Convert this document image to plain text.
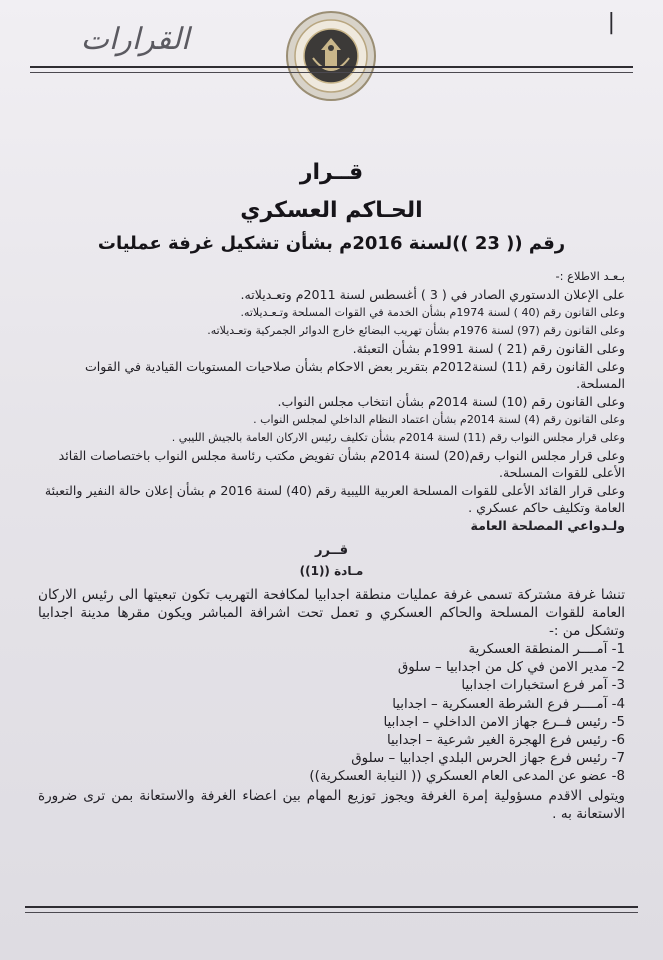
القرارات	|
قــرار
الحـاكم العسكري
رقم (( 23 ))لسنة 2016م بشأن تشكيل غرفة عمليات

بـعـد الاطلاع :-

على الإعلان الدستوري الصادر في ( 3 ) أغسطس لسنة 2011م وتعـديلاته.

وعلى القانون رقم (40 ) لسنة 1974م بشأن الخدمة في القوات المسلحة وتـعـديلاته.

وعلى القانون رقم (97) لسنة 1976م بشأن تهريب البضائع خارج الدوائر الجمركية وتعـديلاته.

وعلى القانون رقم (21 ) لسنة 1991م بشأن التعبئة.

وعلى القانون رقم (11) لسنة2012م بتقرير بعض الاحكام بشأن صلاحيات المستويات القيادية في القوات المسلحة.

وعلى القانون رقم (10) لسنة 2014م بشأن انتخاب مجلس النواب.

وعلى القانون رقم (4) لسنة 2014م بشأن اعتماد النظام الداخلي لمجلس النواب .

وعلى قرار مجلس النواب رقم (11) لسنة 2014م بشأن تكليف رئيس الاركان العامة بالجيش الليبي .

وعلى قرار مجلس النواب رقم(20) لسنة 2014م بشأن تفويض مكتب رئاسة مجلس النواب باختصاصات القائد الأعلى للقوات المسلحة.

وعلى قرار القائد الأعلى للقوات المسلحة العربية الليبية رقم (40) لسنة 2016 م بشأن إعلان حالة النفير والتعبئة العامة وتكليف حاكم عسكري .

ولـدواعي المصلحة العامة

قــرر

مـادة ((1))

تنشا غرفة مشتركة تسمى غرفة عمليات منطقة اجدابيا لمكافحة التهريب تكون تبعيتها الى رئيس الاركان العامة للقوات المسلحة والحاكم العسكري و تعمل تحت اشرافة المباشر ويكون مقرها مدينة اجدابيا وتشكل من :-

1- آمــــر المنطقة العسكرية

2- مدير الامن في كل من اجدابيا – سلوق

3- آمر فرع استخبارات اجدابيا

4- آمــــر فرع الشرطة العسكرية – اجدابيا

5- رئيس فــرع جهاز الامن الداخلي – اجدابيا

6- رئيس فرع الهجرة الغير شرعية – اجدابيا

7- رئيس فرع جهاز الحرس البلدي اجدابيا – سلوق

8- عضو عن المدعى العام العسكري (( النيابة العسكرية))

ويتولى الاقدم مسؤولية إمرة الغرفة ويجوز توزيع المهام بين اعضاء الغرفة والاستعانة بمن ترى ضرورة الاستعانة به .
